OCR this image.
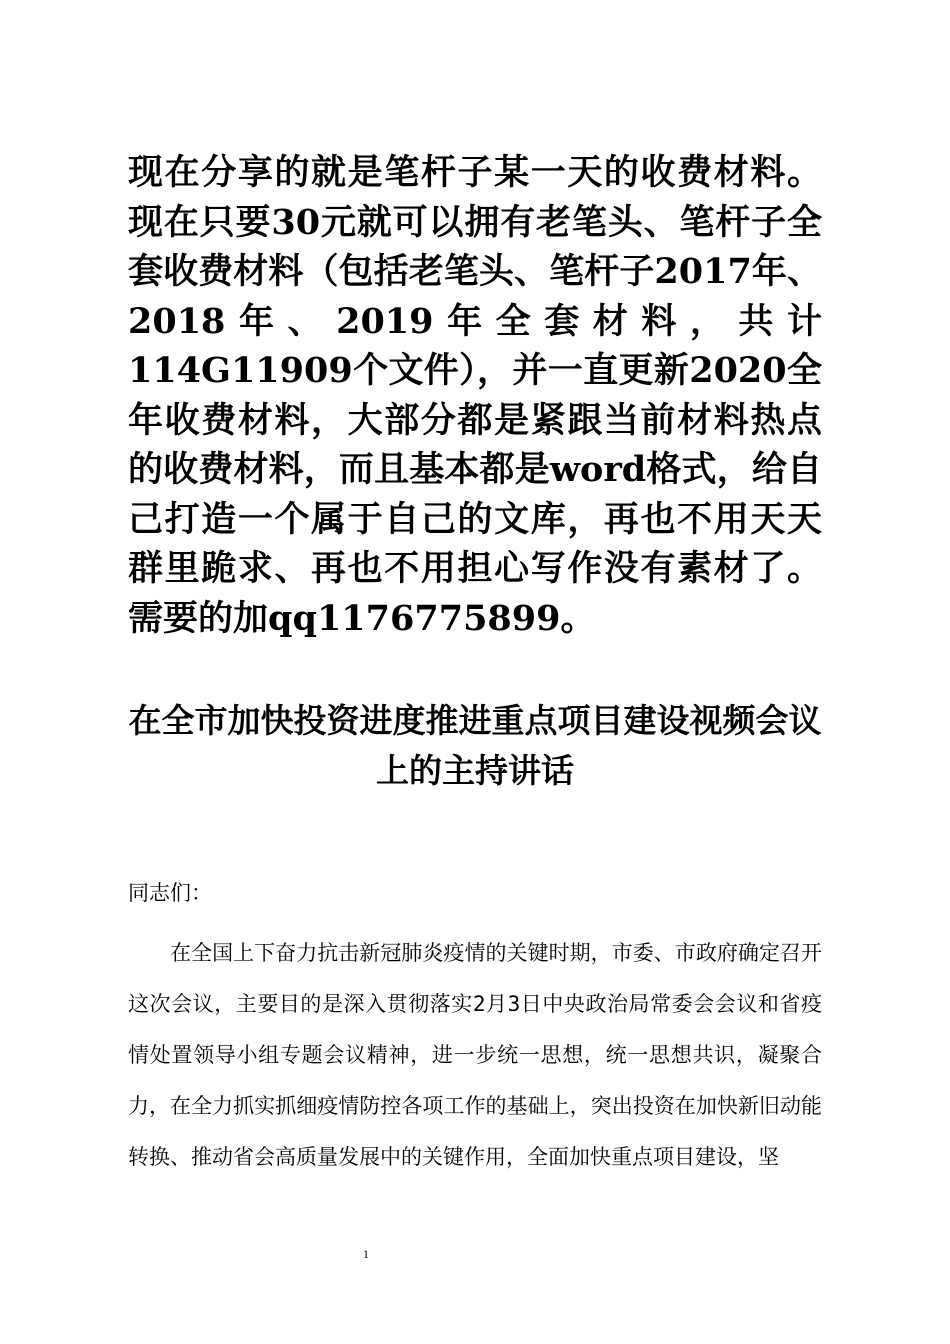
现在分享的就是笔杆子某一天的收费材料。现在只要30元就可以拥有老笔头、笔杆子全套收费材料（包括老笔头、笔杆子2017年、2018年、2019年全套材料，共计114G11909个文件），并一直更新2020全年收费材料，大部分都是紧跟当前材料热点的收费材料，而且基本都是word格式，给自己打造一个属于自己的文库，再也不用天天群里跪求、再也不用担心写作没有素材了。需要的加qq1176775899。

在全市加快投资进度推进重点项目建设视频会议上的主持讲话

同志们：

在全国上下奋力抗击新冠肺炎疫情的关键时期，市委、市政府确定召开这次会议，主要目的是深入贯彻落实2月3日中央政治局常委会会议和省疫情处置领导小组专题会议精神，进一步统一思想，统一思想共识，凝聚合力，在全力抓实抓细疫情防控各项工作的基础上，突出投资在加快新旧动能转换、推动省会高质量发展中的关键作用，全面加快重点项目建设，坚

1
